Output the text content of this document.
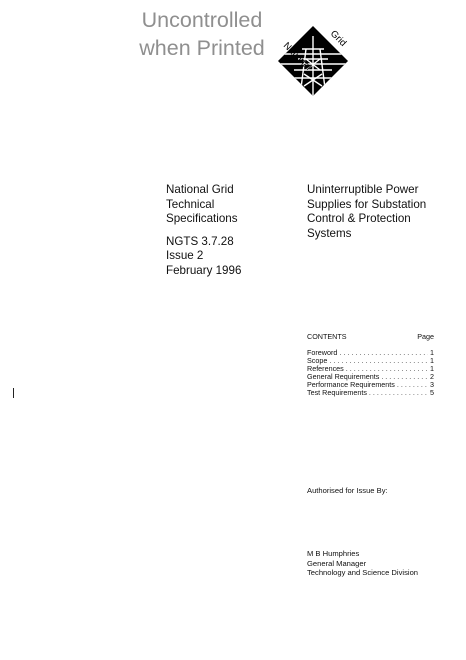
Uncontrolled
when Printed	National
Grid
National Grid
Technical
Specifications
NGTS 3.7.28
Issue 2
February 1996
Uninterruptible Power
Supplies for Substation
Control & Protection
Systems
CONTENTS	Page
Foreword . . .	1
Scope . . .	1
References . . .	1
General Requirements . . .	2
Performance Requirements . . .	3
Test Requirements . . .	5
Authorised for Issue By:
M B Humphries
General Manager
Technology and Science Division
